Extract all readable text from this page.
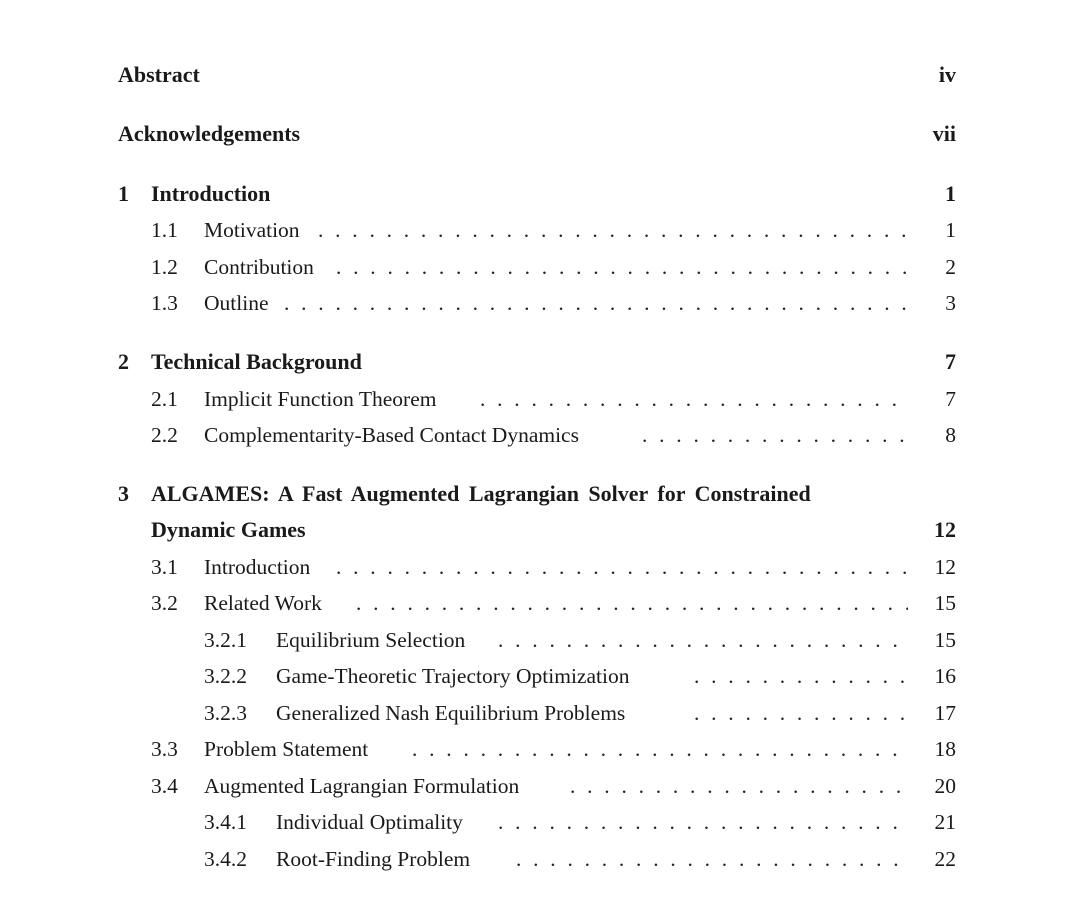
Abstract	iv
Acknowledgements	vii
1 Introduction	1
1.1 Motivation . . .	1
1.2 Contribution . . .	2
1.3 Outline . . .	3
2 Technical Background	7
2.1 Implicit Function Theorem . . .	7
2.2 Complementarity-Based Contact Dynamics . . .	8
3 ALGAMES: A Fast Augmented Lagrangian Solver for Constrained
Dynamic Games	12
3.1 Introduction . . .	12
3.2 Related Work . . .	15
3.2.1 Equilibrium Selection . . .	15
3.2.2 Game-Theoretic Trajectory Optimization . . .	16
3.2.3 Generalized Nash Equilibrium Problems . . .	17
3.3 Problem Statement . . .	18
3.4 Augmented Lagrangian Formulation . . .	20
3.4.1 Individual Optimality . . .	21
3.4.2 Root-Finding Problem . . .	22
